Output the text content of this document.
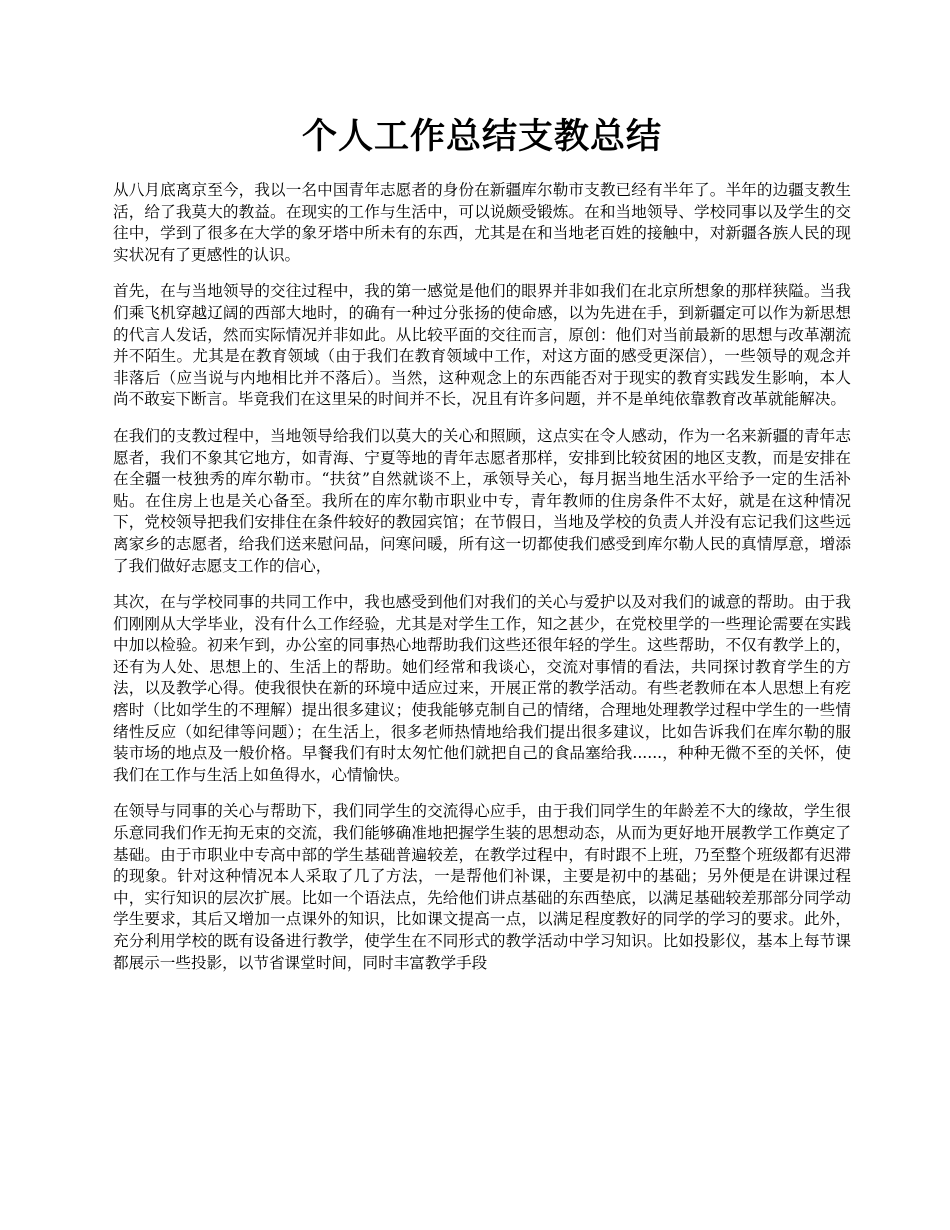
个人工作总结支教总结

从八月底离京至今，我以一名中国青年志愿者的身份在新疆库尔勒市支教已经有半年了。半年的边疆支教生活，给了我莫大的教益。在现实的工作与生活中，可以说颇受锻炼。在和当地领导、学校同事以及学生的交往中，学到了很多在大学的象牙塔中所未有的东西，尤其是在和当地老百姓的接触中，对新疆各族人民的现实状况有了更感性的认识。

首先，在与当地领导的交往过程中，我的第一感觉是他们的眼界并非如我们在北京所想象的那样狭隘。当我们乘飞机穿越辽阔的西部大地时，的确有一种过分张扬的使命感，以为先进在手，到新疆定可以作为新思想的代言人发话，然而实际情况并非如此。从比较平面的交往而言，原创：他们对当前最新的思想与改革潮流并不陌生。尤其是在教育领域（由于我们在教育领域中工作，对这方面的感受更深信），一些领导的观念并非落后（应当说与内地相比并不落后）。当然，这种观念上的东西能否对于现实的教育实践发生影响，本人尚不敢妄下断言。毕竟我们在这里呆的时间并不长，况且有许多问题，并不是单纯依靠教育改革就能解决。

在我们的支教过程中，当地领导给我们以莫大的关心和照顾，这点实在令人感动，作为一名来新疆的青年志愿者，我们不象其它地方，如青海、宁夏等地的青年志愿者那样，安排到比较贫困的地区支教，而是安排在在全疆一枝独秀的库尔勒市。“扶贫”自然就谈不上，承领导关心，每月据当地生活水平给予一定的生活补贴。在住房上也是关心备至。我所在的库尔勒市职业中专，青年教师的住房条件不太好，就是在这种情况下，党校领导把我们安排住在条件较好的教园宾馆；在节假日，当地及学校的负责人并没有忘记我们这些远离家乡的志愿者，给我们送来慰问品，问寒问暖，所有这一切都使我们感受到库尔勒人民的真情厚意，增添了我们做好志愿支工作的信心，

其次，在与学校同事的共同工作中，我也感受到他们对我们的关心与爱护以及对我们的诚意的帮助。由于我们刚刚从大学毕业，没有什么工作经验，尤其是对学生工作，知之甚少，在党校里学的一些理论需要在实践中加以检验。初来乍到，办公室的同事热心地帮助我们这些还很年轻的学生。这些帮助，不仅有教学上的，还有为人处、思想上的、生活上的帮助。她们经常和我谈心，交流对事情的看法，共同探讨教育学生的方法，以及教学心得。使我很快在新的环境中适应过来，开展正常的教学活动。有些老教师在本人思想上有疙瘩时（比如学生的不理解）提出很多建议；使我能够克制自己的情绪，合理地处理教学过程中学生的一些情绪性反应（如纪律等问题）；在生活上，很多老师热情地给我们提出很多建议，比如告诉我们在库尔勒的服装市场的地点及一般价格。早餐我们有时太匆忙他们就把自己的食品塞给我......，种种无微不至的关怀，使我们在工作与生活上如鱼得水，心情愉快。

在领导与同事的关心与帮助下，我们同学生的交流得心应手，由于我们同学生的年龄差不大的缘故，学生很乐意同我们作无拘无束的交流，我们能够确准地把握学生装的思想动态，从而为更好地开展教学工作奠定了基础。由于市职业中专高中部的学生基础普遍较差，在教学过程中，有时跟不上班，乃至整个班级都有迟滞的现象。针对这种情况本人采取了几了方法，一是帮他们补课，主要是初中的基础；另外便是在讲课过程中，实行知识的层次扩展。比如一个语法点，先给他们讲点基础的东西垫底，以满足基础较差那部分同学动学生要求，其后又增加一点课外的知识，比如课文提高一点，以满足程度教好的同学的学习的要求。此外，充分利用学校的既有设备进行教学，使学生在不同形式的教学活动中学习知识。比如投影仪，基本上每节课都展示一些投影，以节省课堂时间，同时丰富教学手段
